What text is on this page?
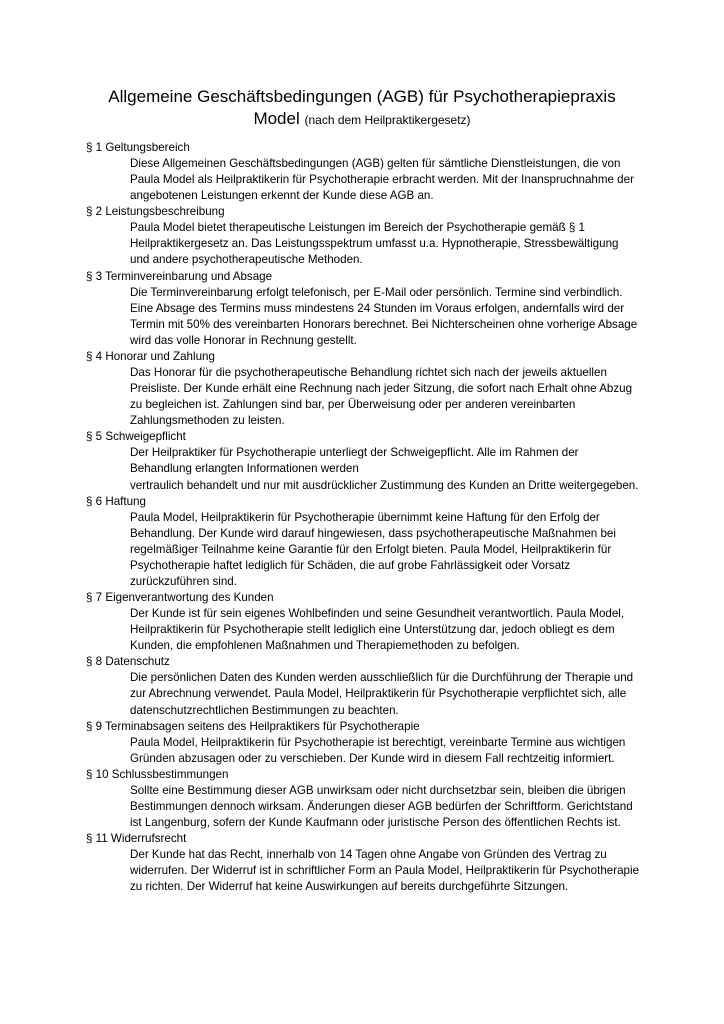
Allgemeine Geschäftsbedingungen (AGB) für Psychotherapiepraxis
Model (nach dem Heilpraktikergesetz)
§ 1 Geltungsbereich
Diese Allgemeinen Geschäftsbedingungen (AGB) gelten für sämtliche Dienstleistungen, die von
Paula Model als Heilpraktikerin für Psychotherapie erbracht werden. Mit der Inanspruchnahme der
angebotenen Leistungen erkennt der Kunde diese AGB an.
§ 2 Leistungsbeschreibung
Paula Model bietet therapeutische Leistungen im Bereich der Psychotherapie gemäß § 1
Heilpraktikergesetz an. Das Leistungsspektrum umfasst u.a. Hypnotherapie, Stressbewältigung
und andere psychotherapeutische Methoden.
§ 3 Terminvereinbarung und Absage
Die Terminvereinbarung erfolgt telefonisch, per E-Mail oder persönlich. Termine sind verbindlich.
Eine Absage des Termins muss mindestens 24 Stunden im Voraus erfolgen, andernfalls wird der
Termin mit 50% des vereinbarten Honorars berechnet. Bei Nichterscheinen ohne vorherige Absage
wird das volle Honorar in Rechnung gestellt.
§ 4 Honorar und Zahlung
Das Honorar für die psychotherapeutische Behandlung richtet sich nach der jeweils aktuellen
Preisliste. Der Kunde erhält eine Rechnung nach jeder Sitzung, die sofort nach Erhalt ohne Abzug
zu begleichen ist. Zahlungen sind bar, per Überweisung oder per anderen vereinbarten
Zahlungsmethoden zu leisten.
§ 5 Schweigepflicht
Der Heilpraktiker für Psychotherapie unterliegt der Schweigepflicht. Alle im Rahmen der
Behandlung erlangten Informationen werden
vertraulich behandelt und nur mit ausdrücklicher Zustimmung des Kunden an Dritte weitergegeben.
§ 6 Haftung
Paula Model, Heilpraktikerin für Psychotherapie übernimmt keine Haftung für den Erfolg der
Behandlung. Der Kunde wird darauf hingewiesen, dass psychotherapeutische Maßnahmen bei
regelmäßiger Teilnahme keine Garantie für den Erfolgt bieten. Paula Model, Heilpraktikerin für
Psychotherapie haftet lediglich für Schäden, die auf grobe Fahrlässigkeit oder Vorsatz
zurückzuführen sind.
§ 7 Eigenverantwortung des Kunden
Der Kunde ist für sein eigenes Wohlbefinden und seine Gesundheit verantwortlich. Paula Model,
Heilpraktikerin für Psychotherapie stellt lediglich eine Unterstützung dar, jedoch obliegt es dem
Kunden, die empfohlenen Maßnahmen und Therapiemethoden zu befolgen.
§ 8 Datenschutz
Die persönlichen Daten des Kunden werden ausschließlich für die Durchführung der Therapie und
zur Abrechnung verwendet. Paula Model, Heilpraktikerin für Psychotherapie verpflichtet sich, alle
datenschutzrechtlichen Bestimmungen zu beachten.
§ 9 Terminabsagen seitens des Heilpraktikers für Psychotherapie
Paula Model, Heilpraktikerin für Psychotherapie ist berechtigt, vereinbarte Termine aus wichtigen
Gründen abzusagen oder zu verschieben. Der Kunde wird in diesem Fall rechtzeitig informiert.
§ 10 Schlussbestimmungen
Sollte eine Bestimmung dieser AGB unwirksam oder nicht durchsetzbar sein, bleiben die übrigen
Bestimmungen dennoch wirksam. Änderungen dieser AGB bedürfen der Schriftform. Gerichtstand
ist Langenburg, sofern der Kunde Kaufmann oder juristische Person des öffentlichen Rechts ist.
§ 11 Widerrufsrecht
Der Kunde hat das Recht, innerhalb von 14 Tagen ohne Angabe von Gründen des Vertrag zu
widerrufen. Der Widerruf ist in schriftlicher Form an Paula Model, Heilpraktikerin für Psychotherapie
zu richten. Der Widerruf hat keine Auswirkungen auf bereits durchgeführte Sitzungen.
